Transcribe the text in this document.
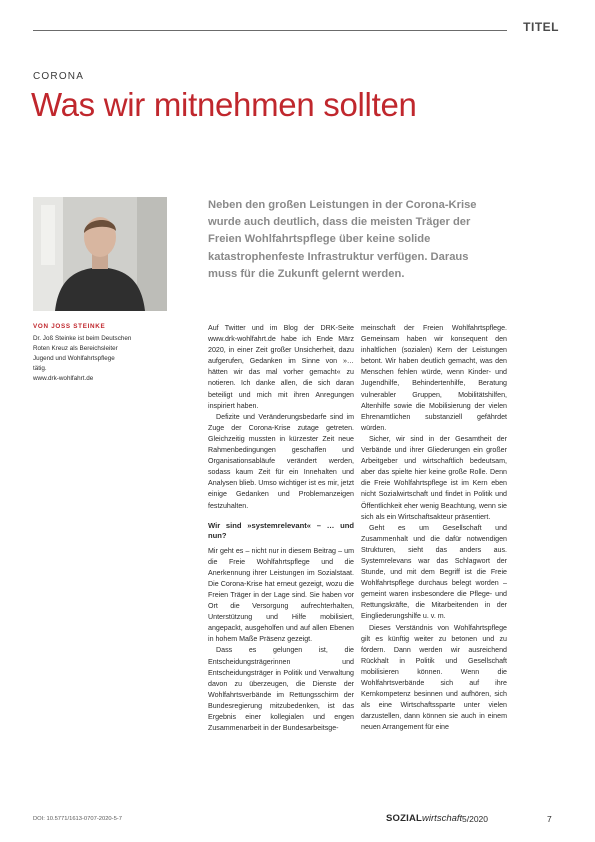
TITEL
CORONA
Was wir mitnehmen sollten
Neben den großen Leistungen in der Corona-Krise wurde auch deutlich, dass die meisten Träger der Freien Wohlfahrtspflege über keine solide katastrophenfeste Infrastruktur verfügen. Daraus muss für die Zukunft gelernt werden.
VON JOSS STEINKE
Dr. Joß Steinke ist beim Deutschen
Roten Kreuz als Bereichsleiter
Jugend und Wohlfahrtspflege
tätig.
www.drk-wohlfahrt.de

Auf Twitter und im Blog der DRK-Seite www.drk-wohlfahrt.de habe ich Ende März 2020, in einer Zeit großer Unsicherheit, dazu aufgerufen, Gedanken im Sinne von »… hätten wir das mal vorher gemacht« zu notieren. Ich danke allen, die sich daran beteiligt und mich mit ihren Anregungen inspiriert haben.

Defizite und Veränderungsbedarfe sind im Zuge der Corona-Krise zutage getreten. Gleichzeitig mussten in kürzester Zeit neue Rahmenbedingungen geschaffen und Organisationsabläufe verändert werden, sodass kaum Zeit für ein Innehalten und Analysen blieb. Umso wichtiger ist es mir, jetzt einige Gedanken und Problemanzeigen festzuhalten.

Wir sind »systemrelevant« – … und nun?

Mir geht es – nicht nur in diesem Beitrag – um die Freie Wohlfahrtspflege und die Anerkennung ihrer Leistungen im Sozialstaat. Die Corona-Krise hat erneut gezeigt, wozu die Freien Träger in der Lage sind. Sie haben vor Ort die Versorgung aufrechterhalten, Unterstützung und Hilfe mobilisiert, angepackt, ausgeholfen und auf allen Ebenen in hohem Maße Präsenz gezeigt.

Dass es gelungen ist, die Entscheidungsträgerinnen und Entscheidungsträger in Politik und Verwaltung davon zu überzeugen, die Dienste der Wohlfahrtsverbände im Rettungsschirm der Bundesregierung mitzubedenken, ist das Ergebnis einer kollegialen und engen Zusammenarbeit in der Bundesarbeitsge-

meinschaft der Freien Wohlfahrtspflege. Gemeinsam haben wir konsequent den inhaltlichen (sozialen) Kern der Leistungen betont. Wir haben deutlich gemacht, was den Menschen fehlen würde, wenn Kinder- und Jugendhilfe, Behindertenhilfe, Beratung vulnerabler Gruppen, Mobilitätshilfen, Altenhilfe sowie die Mobilisierung der vielen Ehrenamtlichen substanziell gefährdet würden.

Sicher, wir sind in der Gesamtheit der Verbände und ihrer Gliederungen ein großer Arbeitgeber und wirtschaftlich bedeutsam, aber das spielte hier keine große Rolle. Denn die Freie Wohlfahrtspflege ist im Kern eben nicht Sozialwirtschaft und findet in Politik und Öffentlichkeit eher wenig Beachtung, wenn sie sich als ein Wirtschaftsakteur präsentiert.

Geht es um Gesellschaft und Zusammenhalt und die dafür notwendigen Strukturen, sieht das anders aus. Systemrelevans war das Schlagwort der Stunde, und mit dem Begriff ist die Freie Wohlfahrtspflege durchaus belegt worden – gemeint waren insbesondere die Pflege- und Rettungskräfte, die Mitarbeitenden in der Eingliederungshilfe u. v. m.

Dieses Verständnis von Wohlfahrtspflege gilt es künftig weiter zu betonen und zu fördern. Dann werden wir ausreichend Rückhalt in Politik und Gesellschaft mobilisieren können. Wenn die Wohlfahrtsverbände sich auf ihre Kernkompetenz besinnen und aufhören, sich als eine Wirtschaftssparte unter vielen darzustellen, dann können sie auch in einem neuen Arrangement für eine

DOI: 10.5771/1613-0707-2020-5-7	SOZIALwirtschaft 5/2020	7
